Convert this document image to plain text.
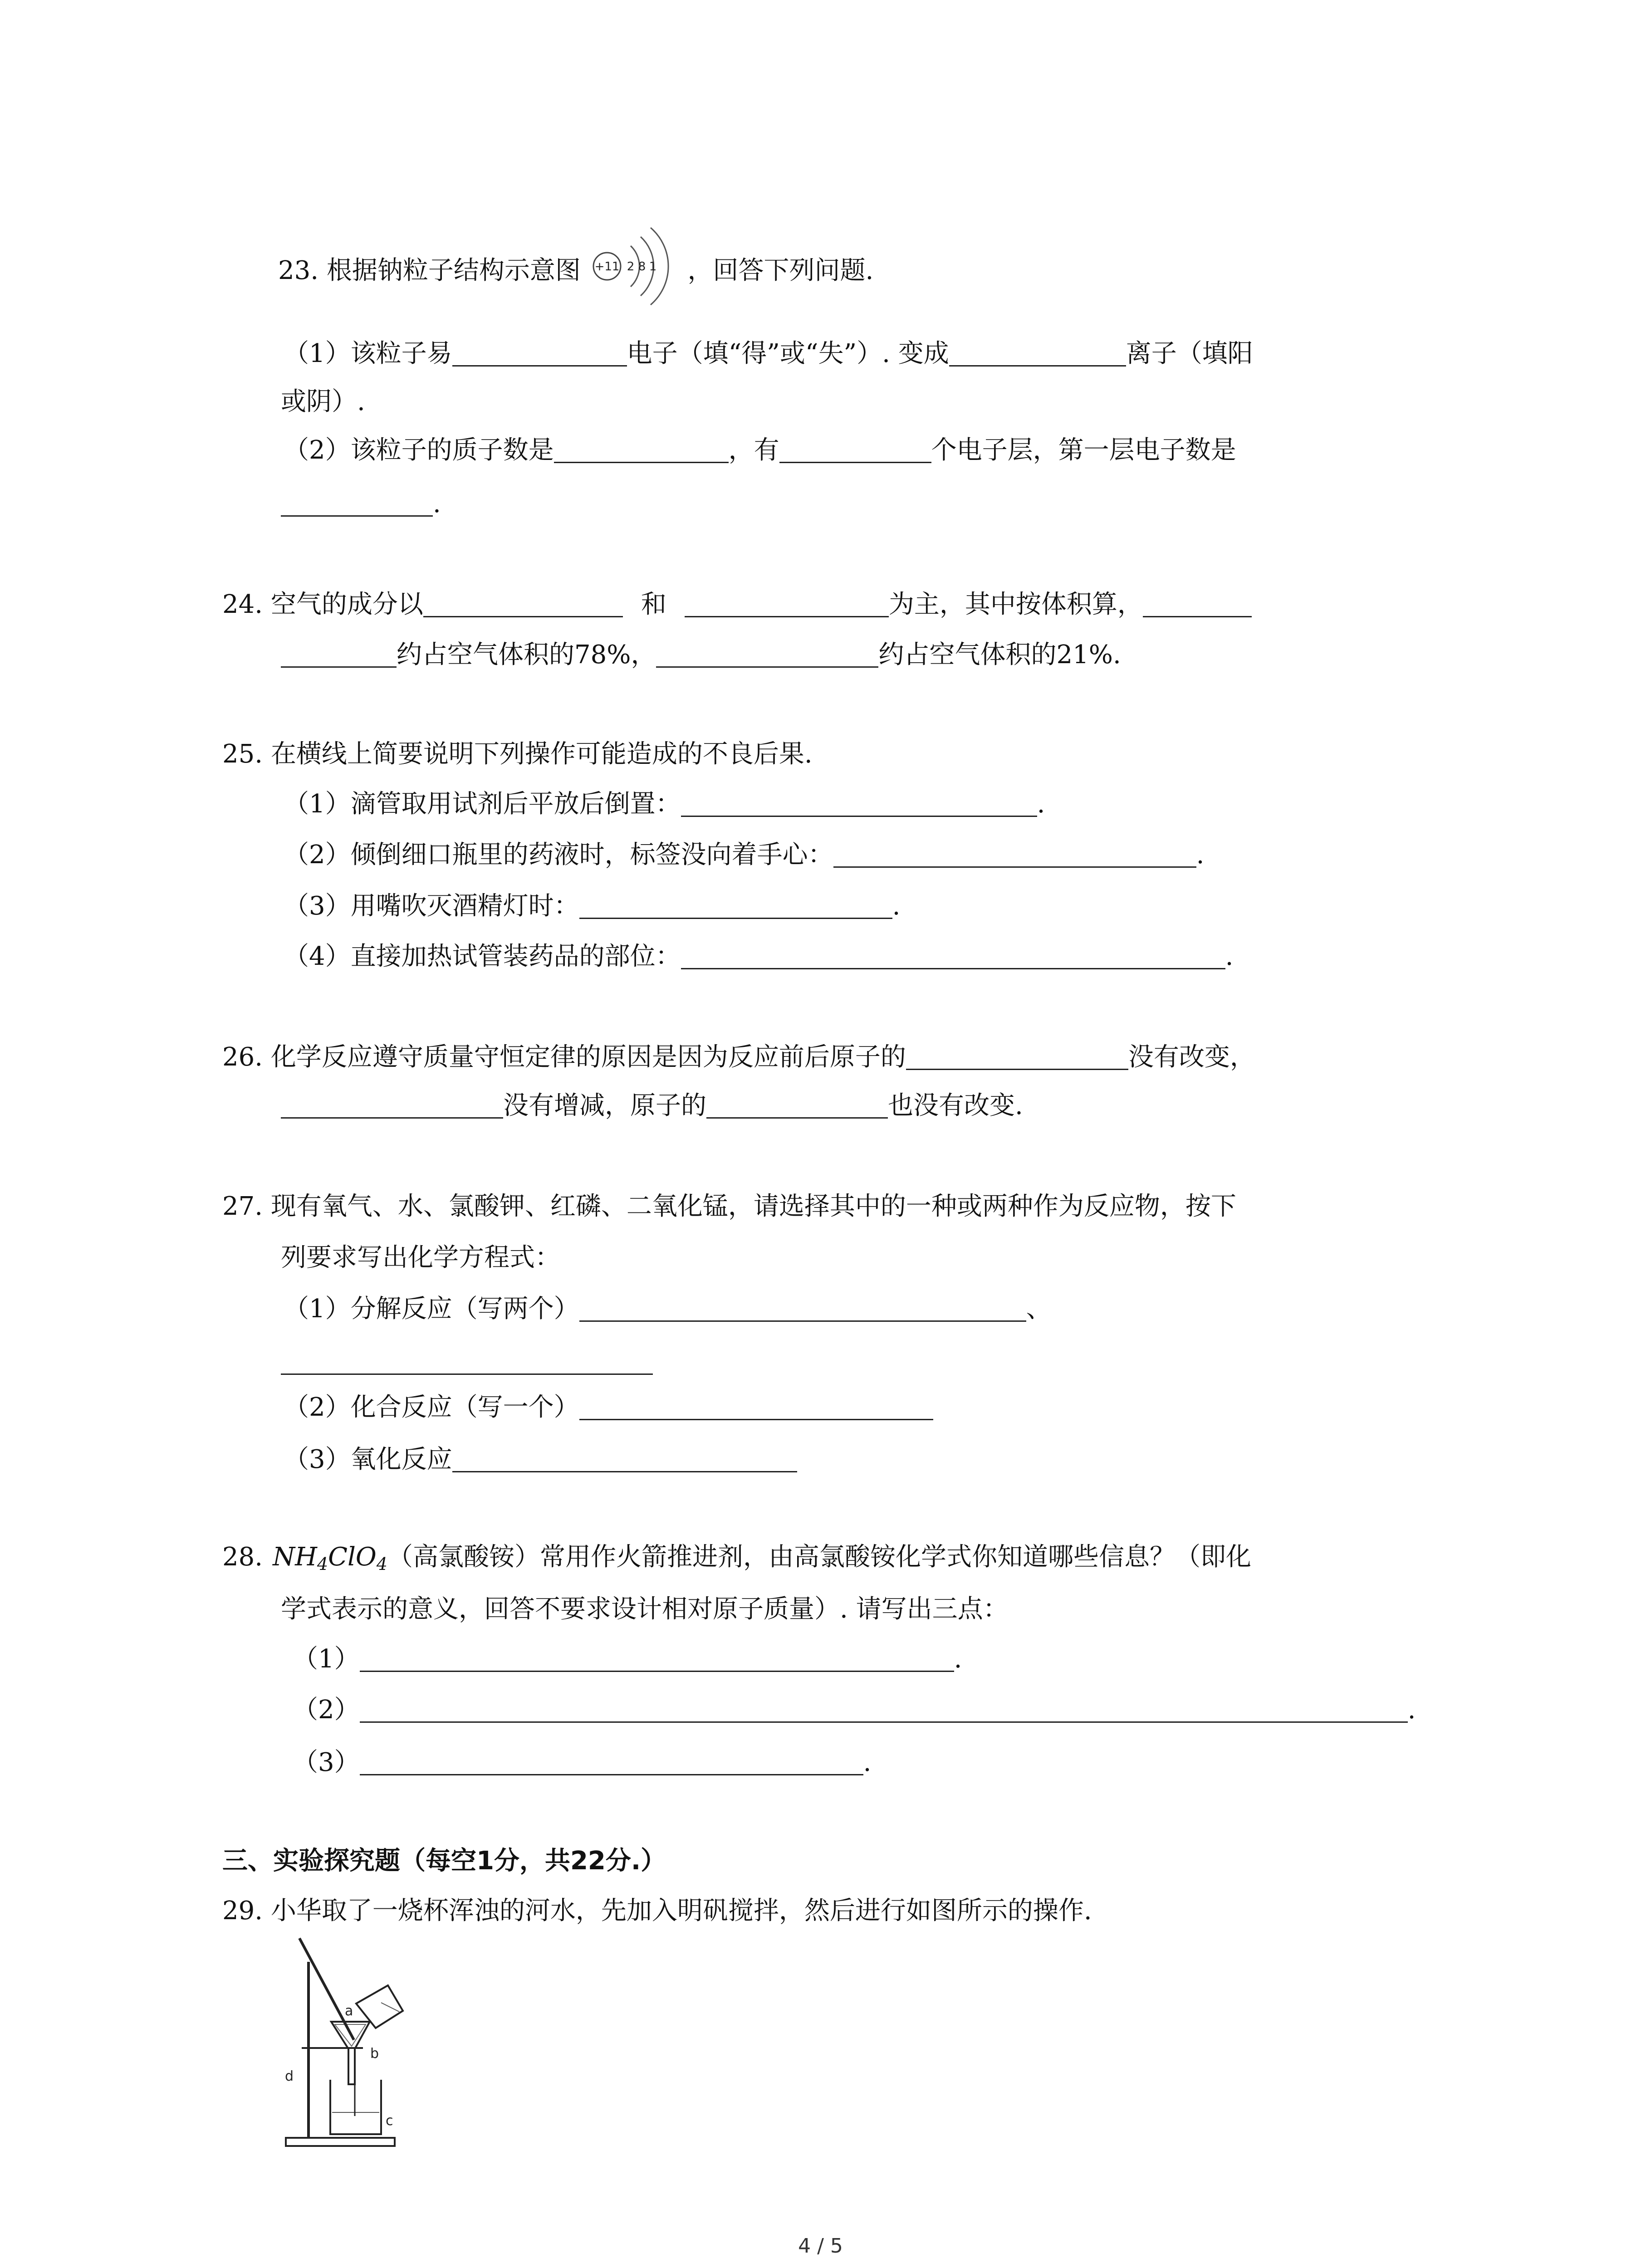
23. 根据钠粒子结构示意图 +11 2 8 1 ，回答下列问题.
（1）该粒子易	电子（填“得”或“失”）. 变成	离子（填阳
或阴）.
（2）该粒子的质子数是	，有	个电子层，第一层电子数是
.
24. 空气的成分以	和	为主，其中按体积算，
约占空气体积的78%，	约占空气体积的21%.
25. 在横线上简要说明下列操作可能造成的不良后果.
（1）滴管取用试剂后平放后倒置：	.
（2）倾倒细口瓶里的药液时，标签没向着手心：	.
（3）用嘴吹灭酒精灯时：	.
（4）直接加热试管装药品的部位：	.
26. 化学反应遵守质量守恒定律的原因是因为反应前后原子的	没有改变，
没有增减，原子的	也没有改变.
27. 现有氧气、水、氯酸钾、红磷、二氧化锰，请选择其中的一种或两种作为反应物，按下
列要求写出化学方程式：
（1）分解反应（写两个）	、
（2）化合反应（写一个）
（3）氧化反应
28. $NH_4ClO_4$（高氯酸铵）常用作火箭推进剂，由高氯酸铵化学式你知道哪些信息？（即化
学式表示的意义，回答不要求设计相对原子质量）. 请写出三点：
（1）	.
（2）	.
（3）	.
三、实验探究题（每空1分，共22分.）
29. 小华取了一烧杯浑浊的河水，先加入明矾搅拌，然后进行如图所示的操作.
a
b
c
d
4 / 5
